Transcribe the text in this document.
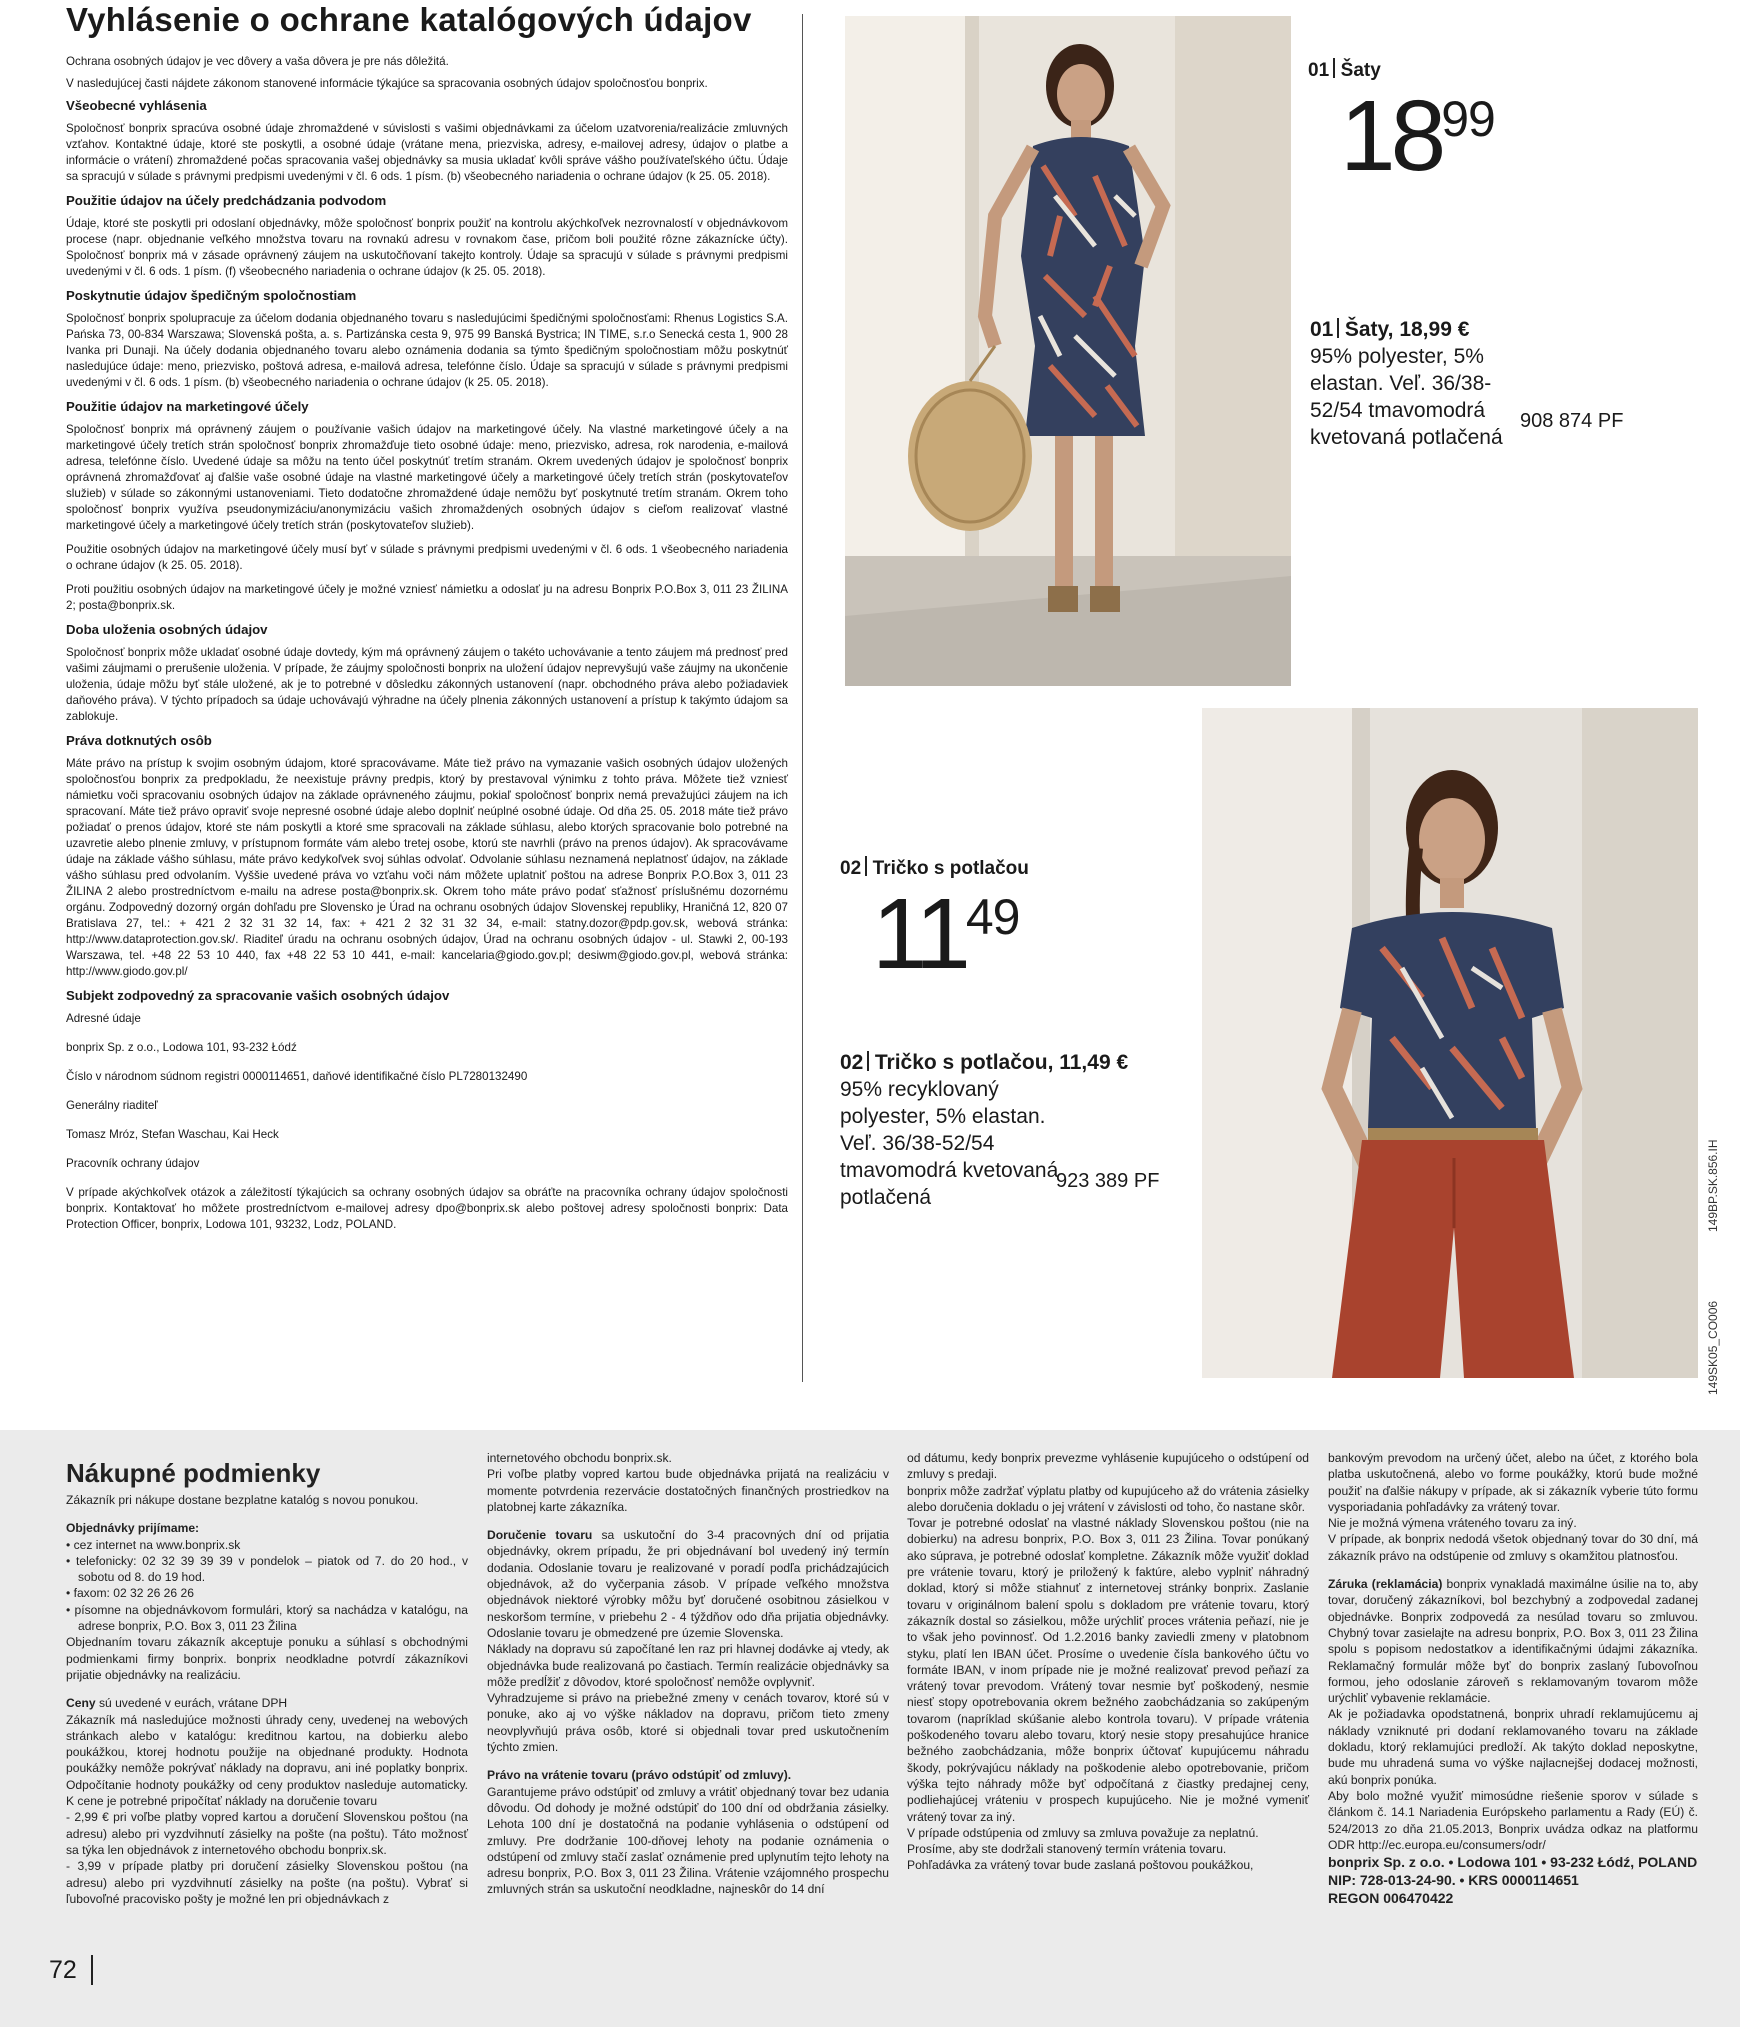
Vyhlásenie o ochrane katalógových údajov

Ochrana osobných údajov je vec dôvery a vaša dôvera je pre nás dôležitá.

V nasledujúcej časti nájdete zákonom stanovené informácie týkajúce sa spracovania osobných údajov spoločnosťou bonprix.

Všeobecné vyhlásenia

Spoločnosť bonprix spracúva osobné údaje zhromaždené v súvislosti s vašimi objednávkami za účelom uzatvorenia/realizácie zmluvných vzťahov. Kontaktné údaje, ktoré ste poskytli, a osobné údaje (vrátane mena, priezviska, adresy, e-mailovej adresy, údajov o platbe a informácie o vrátení) zhromaždené počas spracovania vašej objednávky sa musia ukladať kvôli správe vášho používateľského účtu. Údaje sa spracujú v súlade s právnymi predpismi uvedenými v čl. 6 ods. 1 písm. (b) všeobecného nariadenia o ochrane údajov (k 25. 05. 2018).

Použitie údajov na účely predchádzania podvodom

Údaje, ktoré ste poskytli pri odoslaní objednávky, môže spoločnosť bonprix použiť na kontrolu akýchkoľvek nezrovnalostí v objednávkovom procese (napr. objednanie veľkého množstva tovaru na rovnakú adresu v rovnakom čase, pričom boli použité rôzne zákaznícke účty). Spoločnosť bonprix má v zásade oprávnený záujem na uskutočňovaní takejto kontroly. Údaje sa spracujú v súlade s právnymi predpismi uvedenými v čl. 6 ods. 1 písm. (f) všeobecného nariadenia o ochrane údajov (k 25. 05. 2018).

Poskytnutie údajov špedičným spoločnostiam

Spoločnosť bonprix spolupracuje za účelom dodania objednaného tovaru s nasledujúcimi špedičnými spoločnosťami: Rhenus Logistics S.A. Pańska 73, 00-834 Warszawa; Slovenská pošta, a. s. Partizánska cesta 9, 975 99 Banská Bystrica; IN TIME, s.r.o Senecká cesta 1, 900 28 Ivanka pri Dunaji. Na účely dodania objednaného tovaru alebo oznámenia dodania sa týmto špedičným spoločnostiam môžu poskytnúť nasledujúce údaje: meno, priezvisko, poštová adresa, e-mailová adresa, telefónne číslo. Údaje sa spracujú v súlade s právnymi predpismi uvedenými v čl. 6 ods. 1 písm. (b) všeobecného nariadenia o ochrane údajov (k 25. 05. 2018).

Použitie údajov na marketingové účely

Spoločnosť bonprix má oprávnený záujem o používanie vašich údajov na marketingové účely. Na vlastné marketingové účely a na marketingové účely tretích strán spoločnosť bonprix zhromažďuje tieto osobné údaje: meno, priezvisko, adresa, rok narodenia, e-mailová adresa, telefónne číslo. Uvedené údaje sa môžu na tento účel poskytnúť tretím stranám. Okrem uvedených údajov je spoločnosť bonprix oprávnená zhromažďovať aj ďalšie vaše osobné údaje na vlastné marketingové účely a marketingové účely tretích strán (poskytovateľov služieb) v súlade so zákonnými ustanoveniami. Tieto dodatočne zhromaždené údaje nemôžu byť poskytnuté tretím stranám. Okrem toho spoločnosť bonprix využíva pseudonymizáciu/anonymizáciu vašich zhromaždených osobných údajov s cieľom realizovať vlastné marketingové účely a marketingové účely tretích strán (poskytovateľov služieb).

Použitie osobných údajov na marketingové účely musí byť v súlade s právnymi predpismi uvedenými v čl. 6 ods. 1 všeobecného nariadenia o ochrane údajov (k 25. 05. 2018).

Proti použitiu osobných údajov na marketingové účely je možné vzniesť námietku a odoslať ju na adresu Bonprix P.O.Box 3, 011 23 ŽILINA 2; posta@bonprix.sk.

Doba uloženia osobných údajov

Spoločnosť bonprix môže ukladať osobné údaje dovtedy, kým má oprávnený záujem o takéto uchovávanie a tento záujem má prednosť pred vašimi záujmami o prerušenie uloženia. V prípade, že záujmy spoločnosti bonprix na uložení údajov neprevyšujú vaše záujmy na ukončenie uloženia, údaje môžu byť stále uložené, ak je to potrebné v dôsledku zákonných ustanovení (napr. obchodného práva alebo požiadaviek daňového práva). V týchto prípadoch sa údaje uchovávajú výhradne na účely plnenia zákonných ustanovení a prístup k takýmto údajom sa zablokuje.

Práva dotknutých osôb

Máte právo na prístup k svojim osobným údajom, ktoré spracovávame. Máte tiež právo na vymazanie vašich osobných údajov uložených spoločnosťou bonprix za predpokladu, že neexistuje právny predpis, ktorý by prestavoval výnimku z tohto práva. Môžete tiež vzniesť námietku voči spracovaniu osobných údajov na základe oprávneného záujmu, pokiaľ spoločnosť bonprix nemá prevažujúci záujem na ich spracovaní. Máte tiež právo opraviť svoje nepresné osobné údaje alebo doplniť neúplné osobné údaje. Od dňa 25. 05. 2018 máte tiež právo požiadať o prenos údajov, ktoré ste nám poskytli a ktoré sme spracovali na základe súhlasu, alebo ktorých spracovanie bolo potrebné na uzavretie alebo plnenie zmluvy, v prístupnom formáte vám alebo tretej osobe, ktorú ste navrhli (právo na prenos údajov). Ak spracovávame údaje na základe vášho súhlasu, máte právo kedykoľvek svoj súhlas odvolať. Odvolanie súhlasu neznamená neplatnosť údajov, na základe vášho súhlasu pred odvolaním. Vyššie uvedené práva vo vzťahu voči nám môžete uplatniť poštou na adrese Bonprix P.O.Box 3, 011 23 ŽILINA 2 alebo prostredníctvom e-mailu na adrese posta@bonprix.sk. Okrem toho máte právo podať sťažnosť príslušnému dozornému orgánu. Zodpovedný dozorný orgán dohľadu pre Slovensko je Úrad na ochranu osobných údajov Slovenskej republiky, Hraničná 12, 820 07 Bratislava 27, tel.: + 421 2 32 31 32 14, fax: + 421 2 32 31 32 34, e-mail: statny.dozor@pdp.gov.sk, webová stránka: http://www.dataprotection.gov.sk/. Riaditeľ úradu na ochranu osobných údajov, Úrad na ochranu osobných údajov - ul. Stawki 2, 00-193 Warszawa, tel. +48 22 53 10 440, fax +48 22 53 10 441, e-mail: kancelaria@giodo.gov.pl; desiwm@giodo.gov.pl, webová stránka: http://www.giodo.gov.pl/

Subjekt zodpovedný za spracovanie vašich osobných údajov

Adresné údaje

bonprix Sp. z o.o., Lodowa 101, 93-232 Łódź

Číslo v národnom súdnom registri 0000114651, daňové identifikačné číslo PL7280132490

Generálny riaditeľ

Tomasz Mróz, Stefan Waschau, Kai Heck

Pracovník ochrany údajov

V prípade akýchkoľvek otázok a záležitostí týkajúcich sa ochrany osobných údajov sa obráťte na pracovníka ochrany údajov spoločnosti bonprix. Kontaktovať ho môžete prostredníctvom e-mailovej adresy dpo@bonprix.sk alebo poštovej adresy spoločnosti bonprix: Data Protection Officer, bonprix, Lodowa 101, 93232, Lodz, POLAND.	149BP.SK.856.IH
149SK05_CO006
01 Šaty
1899
01 Šaty, 18,99 €
95% polyester, 5% elastan. Veľ. 36/38-52/54 tmavomodrá kvetovaná potlačená
908 874 PF
02 Tričko s potlačou
1149
02 Tričko s potlačou, 11,49 €
95% recyklovaný polyester, 5% elastan. Veľ. 36/38-52/54 tmavomodrá kvetovaná potlačená
923 389 PF
Nákupné podmienky

Zákazník pri nákupe dostane bezplatne katalóg s novou ponukou.

Objednávky prijímame:

• cez internet na www.bonprix.sk
• telefonicky: 02 32 39 39 39 v pondelok – piatok od 7. do 20 hod., v sobotu od 8. do 19 hod.
• faxom: 02 32 26 26 26
• písomne na objednávkovom formulári, ktorý sa nachádza v katalógu, na adrese bonprix, P.O. Box 3, 011 23 Žilina

Objednaním tovaru zákazník akceptuje ponuku a súhlasí s obchodnými podmienkami firmy bonprix. bonprix neodkladne potvrdí zákazníkovi prijatie objednávky na realizáciu.

Ceny sú uvedené v eurách, vrátane DPH

Zákazník má nasledujúce možnosti úhrady ceny, uvedenej na webových stránkach alebo v katalógu: kreditnou kartou, na dobierku alebo poukážkou, ktorej hodnotu použije na objednané produkty. Hodnota poukážky nemôže pokrývať náklady na dopravu, ani iné poplatky bonprix. Odpočítanie hodnoty poukážky od ceny produktov nasleduje automaticky. K cene je potrebné pripočítať náklady na doručenie tovaru

- 2,99 € pri voľbe platby vopred kartou a doručení Slovenskou poštou (na adresu) alebo pri vyzdvihnutí zásielky na pošte (na poštu). Táto možnosť sa týka len objednávok z internetového obchodu bonprix.sk.

- 3,99 v prípade platby pri doručení zásielky Slovenskou poštou (na adresu) alebo pri vyzdvihnutí zásielky na pošte (na poštu). Vybrať si ľubovoľné pracovisko pošty je možné len pri objednávkach z

internetového obchodu bonprix.sk.

Pri voľbe platby vopred kartou bude objednávka prijatá na realizáciu v momente potvrdenia rezervácie dostatočných finančných prostriedkov na platobnej karte zákazníka.

Doručenie tovaru sa uskutoční do 3-4 pracovných dní od prijatia objednávky, okrem prípadu, že pri objednávaní bol uvedený iný termín dodania. Odoslanie tovaru je realizované v poradí podľa prichádzajúcich objednávok, až do vyčerpania zásob. V prípade veľkého množstva objednávok niektoré výrobky môžu byť doručené osobitnou zásielkou v neskoršom termíne, v priebehu 2 - 4 týždňov odo dňa prijatia objednávky. Odoslanie tovaru je obmedzené pre územie Slovenska.

Náklady na dopravu sú započítané len raz pri hlavnej dodávke aj vtedy, ak objednávka bude realizovaná po častiach. Termín realizácie objednávky sa môže predĺžiť z dôvodov, ktoré spoločnosť nemôže ovplyvniť.

Vyhradzujeme si právo na priebežné zmeny v cenách tovarov, ktoré sú v ponuke, ako aj vo výške nákladov na dopravu, pričom tieto zmeny neovplyvňujú práva osôb, ktoré si objednali tovar pred uskutočnením týchto zmien.

Právo na vrátenie tovaru (právo odstúpiť od zmluvy).

Garantujeme právo odstúpiť od zmluvy a vrátiť objednaný tovar bez udania dôvodu. Od dohody je možné odstúpiť do 100 dní od obdržania zásielky. Lehota 100 dní je dostatočná na podanie vyhlásenia o odstúpení od zmluvy. Pre dodržanie 100-dňovej lehoty na podanie oznámenia o odstúpení od zmluvy stačí zaslať oznámenie pred uplynutím tejto lehoty na adresu bonprix, P.O. Box 3, 011 23 Žilina. Vrátenie vzájomného prospechu zmluvných strán sa uskutoční neodkladne, najneskôr do 14 dní

od dátumu, kedy bonprix prevezme vyhlásenie kupujúceho o odstúpení od zmluvy s predaji.

bonprix môže zadržať výplatu platby od kupujúceho až do vrátenia zásielky alebo doručenia dokladu o jej vrátení v závislosti od toho, čo nastane skôr.

Tovar je potrebné odoslať na vlastné náklady Slovenskou poštou (nie na dobierku) na adresu bonprix, P.O. Box 3, 011 23 Žilina. Tovar ponúkaný ako súprava, je potrebné odoslať kompletne. Zákazník môže využiť doklad pre vrátenie tovaru, ktorý je priložený k faktúre, alebo vyplniť náhradný doklad, ktorý si môže stiahnuť z internetovej stránky bonprix. Zaslanie tovaru v originálnom balení spolu s dokladom pre vrátenie tovaru, ktorý zákazník dostal so zásielkou, môže urýchliť proces vrátenia peňazí, nie je to však jeho povinnosť. Od 1.2.2016 banky zaviedli zmeny v platobnom styku, platí len IBAN účet. Prosíme o uvedenie čísla bankového účtu vo formáte IBAN, v inom prípade nie je možné realizovať prevod peňazí za vrátený tovar prevodom. Vrátený tovar nesmie byť poškodený, nesmie niesť stopy opotrebovania okrem bežného zaobchádzania so zakúpeným tovarom (napríklad skúšanie alebo kontrola tovaru). V prípade vrátenia poškodeného tovaru alebo tovaru, ktorý nesie stopy presahujúce hranice bežného zaobchádzania, môže bonprix účtovať kupujúcemu náhradu škody, pokrývajúcu náklady na poškodenie alebo opotrebovanie, pričom výška tejto náhrady môže byť odpočítaná z čiastky predajnej ceny, podliehajúcej vráteniu v prospech kupujúceho. Nie je možné vymeniť vrátený tovar za iný.

V prípade odstúpenia od zmluvy sa zmluva považuje za neplatnú.

Prosíme, aby ste dodržali stanovený termín vrátenia tovaru.

Pohľadávka za vrátený tovar bude zaslaná poštovou poukážkou,

bankovým prevodom na určený účet, alebo na účet, z ktorého bola platba uskutočnená, alebo vo forme poukážky, ktorú bude možné použiť na ďalšie nákupy v prípade, ak si zákazník vyberie túto formu vysporiadania pohľadávky za vrátený tovar.

Nie je možná výmena vráteného tovaru za iný.

V prípade, ak bonprix nedodá všetok objednaný tovar do 30 dní, má zákazník právo na odstúpenie od zmluvy s okamžitou platnosťou.

Záruka (reklamácia) bonprix vynakladá maximálne úsilie na to, aby tovar, doručený zákazníkovi, bol bezchybný a zodpovedal zadanej objednávke. Bonprix zodpovedá za nesúlad tovaru so zmluvou. Chybný tovar zasielajte na adresu bonprix, P.O. Box 3, 011 23 Žilina spolu s popisom nedostatkov a identifikačnými údajmi zákazníka. Reklamačný formulár môže byť do bonprix zaslaný ľubovoľnou formou, jeho odoslanie zároveň s reklamovaným tovarom môže urýchliť vybavenie reklamácie.

Ak je požiadavka opodstatnená, bonprix uhradí reklamujúcemu aj náklady vzniknuté pri dodaní reklamovaného tovaru na základe dokladu, ktorý reklamujúci predloží. Ak takýto doklad neposkytne, bude mu uhradená suma vo výške najlacnejšej dodacej možnosti, akú bonprix ponúka.

Aby bolo možné využiť mimosúdne riešenie sporov v súlade s článkom č. 14.1 Nariadenia Európskeho parlamentu a Rady (EÚ) č. 524/2013 zo dňa 21.05.2013, Bonprix uvádza odkaz na platformu ODR http://ec.europa.eu/consumers/odr/

bonprix Sp. z o.o. • Lodowa 101 • 93-232 Łódź, POLAND

NIP: 728-013-24-90. • KRS 0000114651

REGON 006470422

72
